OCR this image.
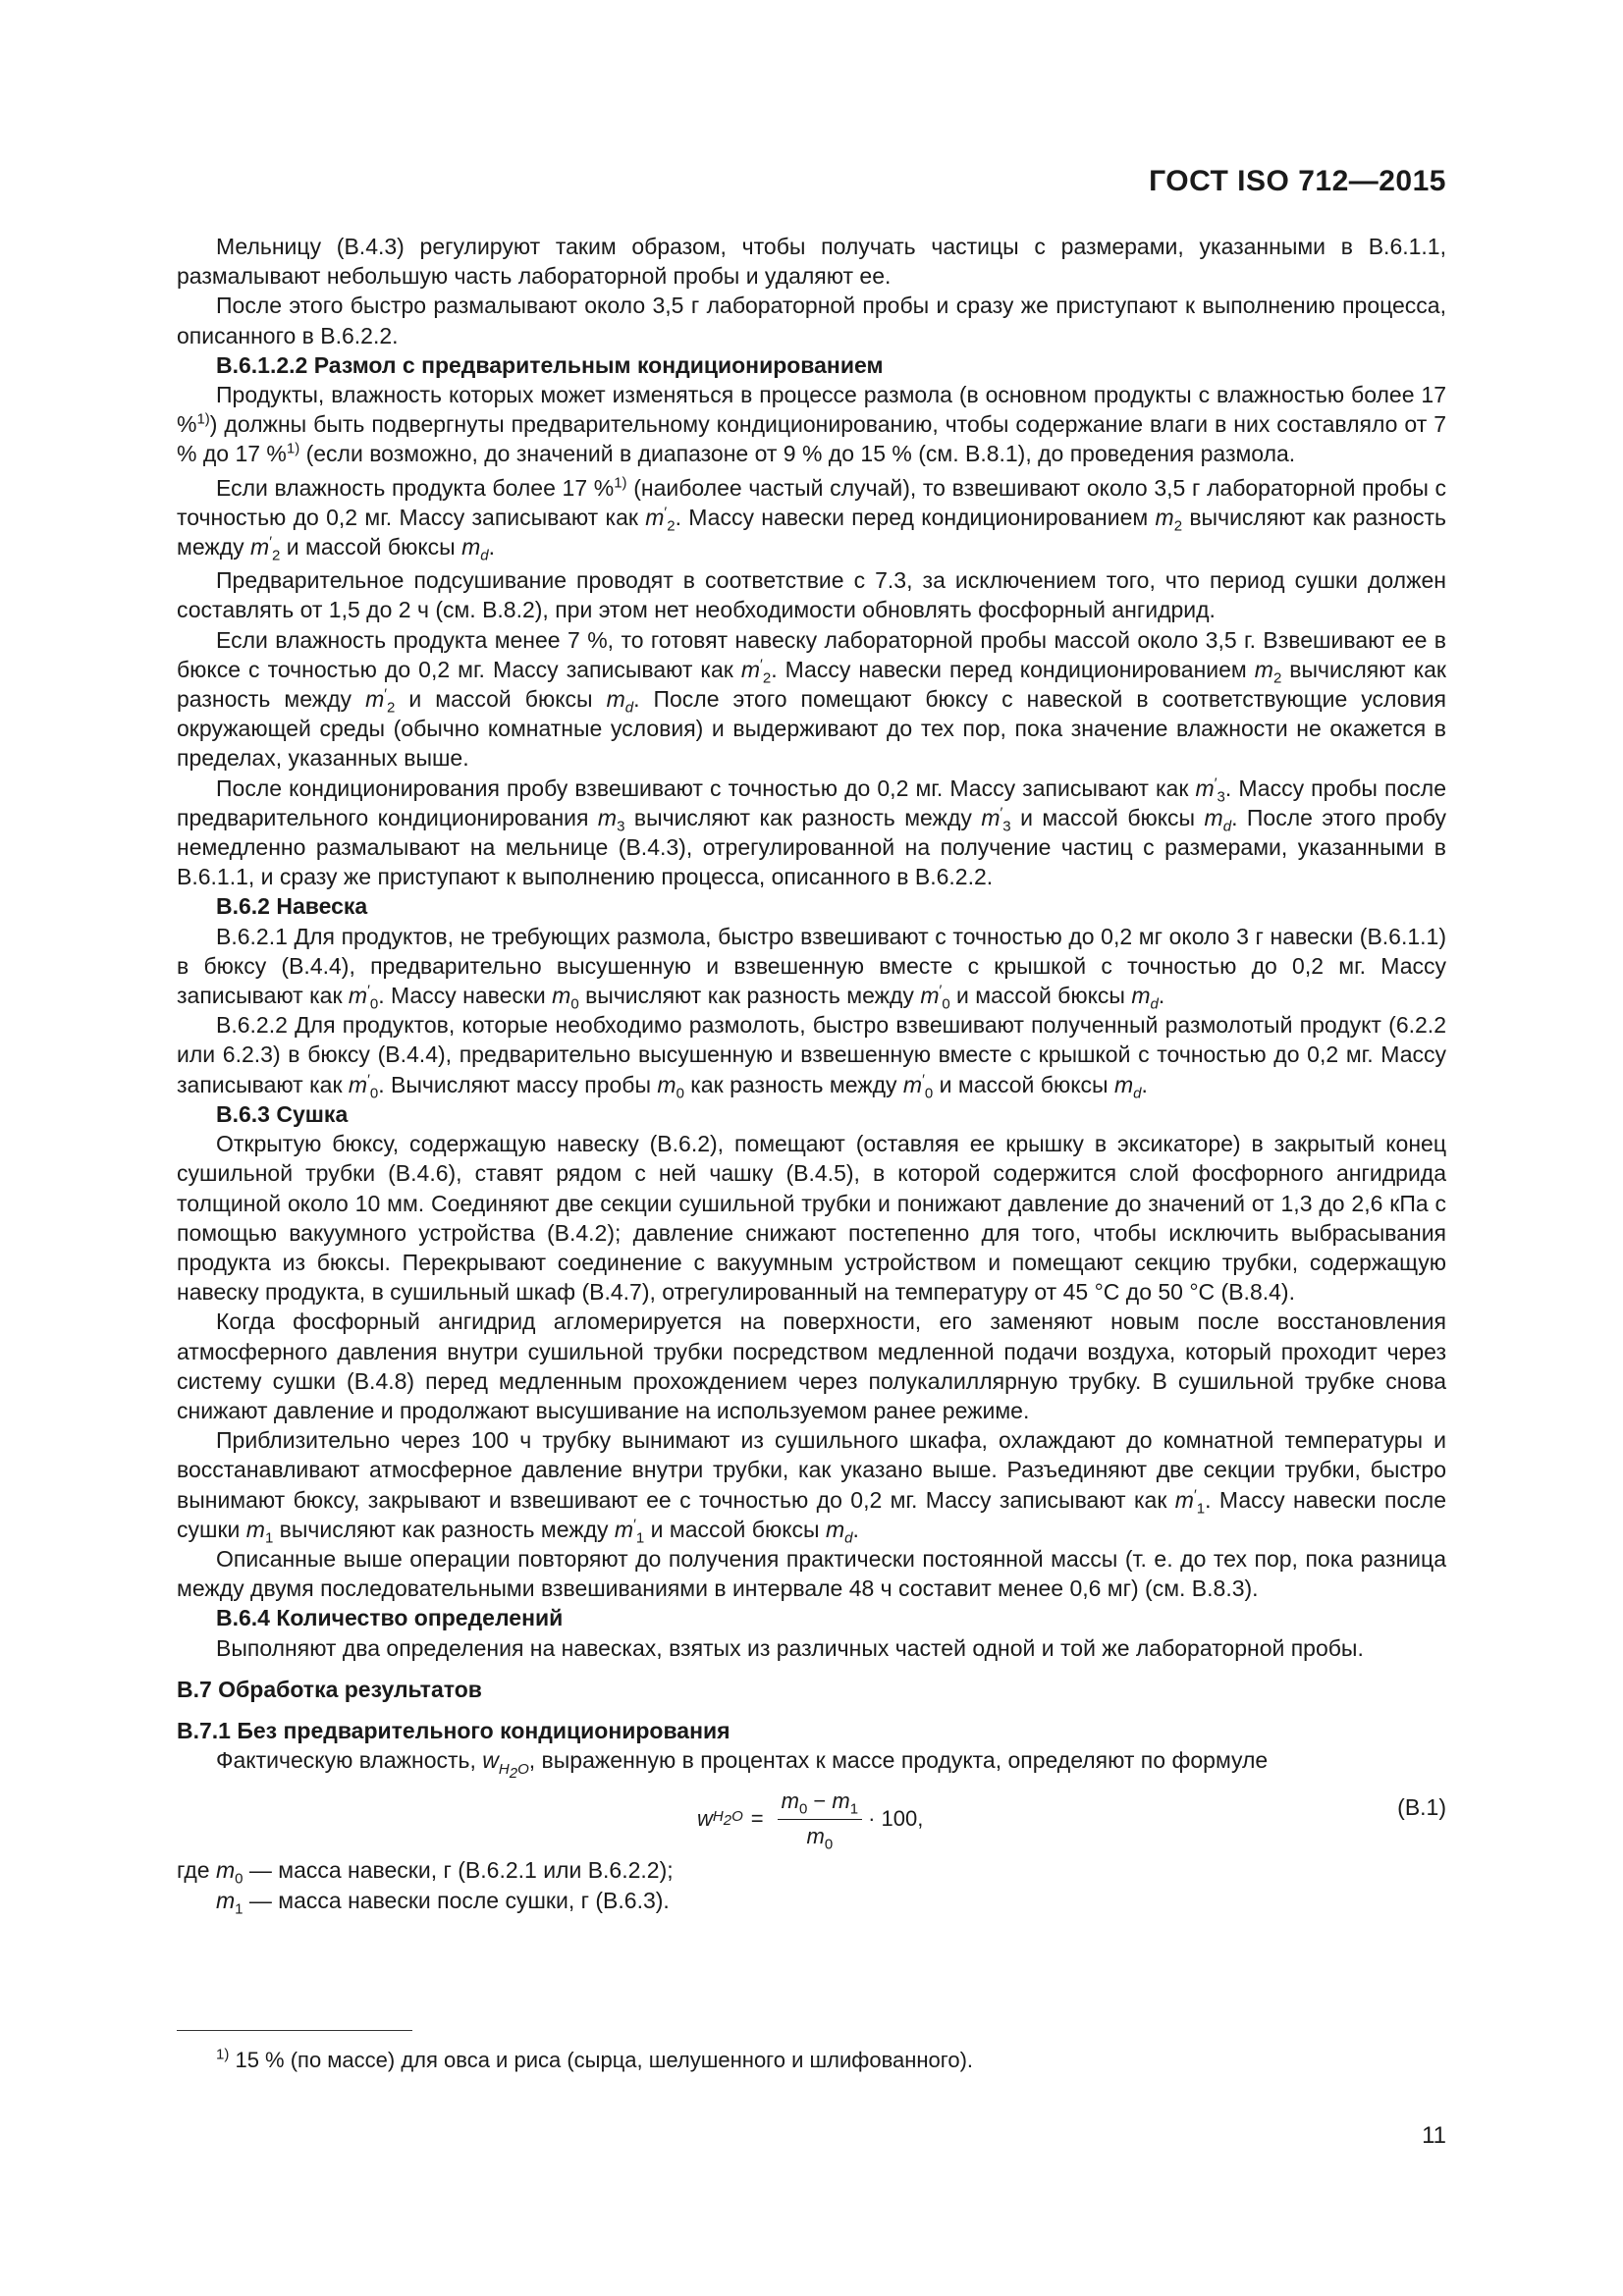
ГОСТ ISO 712—2015

Мельницу (В.4.3) регулируют таким образом, чтобы получать частицы с размерами, указанными в В.6.1.1, размалывают небольшую часть лабораторной пробы и удаляют ее.

После этого быстро размалывают около 3,5 г лабораторной пробы и сразу же приступают к выполнению процесса, описанного в В.6.2.2.

В.6.1.2.2 Размол с предварительным кондиционированием

Продукты, влажность которых может изменяться в процессе размола (в основном продукты с влажностью более 17 %$^{1)}$) должны быть подвергнуты предварительному кондиционированию, чтобы содержание влаги в них составляло от 7 % до 17 %$^{1)}$ (если возможно, до значений в диапазоне от 9 % до 15 % (см. В.8.1), до проведения размола.

Если влажность продукта более 17 %$^{1)}$ (наиболее частый случай), то взвешивают около 3,5 г лабораторной пробы с точностью до 0,2 мг. Массу записывают как $m'_2$. Массу навески перед кондиционированием $m_2$ вычисляют как разность между $m'_2$ и массой бюксы $m_d$.

Предварительное подсушивание проводят в соответствие с 7.3, за исключением того, что период сушки должен составлять от 1,5 до 2 ч (см. В.8.2), при этом нет необходимости обновлять фосфорный ангидрид.

Если влажность продукта менее 7 %, то готовят навеску лабораторной пробы массой около 3,5 г. Взвешивают ее в бюксе с точностью до 0,2 мг. Массу записывают как $m'_2$. Массу навески перед кондиционированием $m_2$ вычисляют как разность между $m'_2$ и массой бюксы $m_d$. После этого помещают бюксу с навеской в соответствующие условия окружающей среды (обычно комнатные условия) и выдерживают до тех пор, пока значение влажности не окажется в пределах, указанных выше.

После кондиционирования пробу взвешивают с точностью до 0,2 мг. Массу записывают как $m'_3$. Массу пробы после предварительного кондиционирования $m_3$ вычисляют как разность между $m'_3$ и массой бюксы $m_d$. После этого пробу немедленно размалывают на мельнице (В.4.3), отрегулированной на получение частиц с размерами, указанными в В.6.1.1, и сразу же приступают к выполнению процесса, описанного в В.6.2.2.

В.6.2 Навеска

В.6.2.1 Для продуктов, не требующих размола, быстро взвешивают с точностью до 0,2 мг около 3 г навески (В.6.1.1) в бюксу (В.4.4), предварительно высушенную и взвешенную вместе с крышкой с точностью до 0,2 мг. Массу записывают как $m'_0$. Массу навески $m_0$ вычисляют как разность между $m'_0$ и массой бюксы $m_d$.

В.6.2.2 Для продуктов, которые необходимо размолоть, быстро взвешивают полученный размолотый продукт (6.2.2 или 6.2.3) в бюксу (В.4.4), предварительно высушенную и взвешенную вместе с крышкой с точностью до 0,2 мг. Массу записывают как $m'_0$. Вычисляют массу пробы $m_0$ как разность между $m'_0$ и массой бюксы $m_d$.

В.6.3 Сушка

Открытую бюксу, содержащую навеску (В.6.2), помещают (оставляя ее крышку в эксикаторе) в закрытый конец сушильной трубки (В.4.6), ставят рядом с ней чашку (В.4.5), в которой содержится слой фосфорного ангидрида толщиной около 10 мм. Соединяют две секции сушильной трубки и понижают давление до значений от 1,3 до 2,6 кПа с помощью вакуумного устройства (В.4.2); давление снижают постепенно для того, чтобы исключить выбрасывания продукта из бюксы. Перекрывают соединение с вакуумным устройством и помещают секцию трубки, содержащую навеску продукта, в сушильный шкаф (В.4.7), отрегулированный на температуру от 45 °С до 50 °С (В.8.4).

Когда фосфорный ангидрид агломерируется на поверхности, его заменяют новым после восстановления атмосферного давления внутри сушильной трубки посредством медленной подачи воздуха, который проходит через систему сушки (В.4.8) перед медленным прохождением через полукалиллярную трубку. В сушильной трубке снова снижают давление и продолжают высушивание на используемом ранее режиме.

Приблизительно через 100 ч трубку вынимают из сушильного шкафа, охлаждают до комнатной температуры и восстанавливают атмосферное давление внутри трубки, как указано выше. Разъединяют две секции трубки, быстро вынимают бюксу, закрывают и взвешивают ее с точностью до 0,2 мг. Массу записывают как $m'_1$. Массу навески после сушки $m_1$ вычисляют как разность между $m'_1$ и массой бюксы $m_d$.

Описанные выше операции повторяют до получения практически постоянной массы (т. е. до тех пор, пока разница между двумя последовательными взвешиваниями в интервале 48 ч составит менее 0,6 мг) (см. В.8.3).

В.6.4 Количество определений

Выполняют два определения на навесках, взятых из различных частей одной и той же лабораторной пробы.

В.7 Обработка результатов
В.7.1 Без предварительного кондиционирования

Фактическую влажность, $w_{H_2O}$, выраженную в процентах к массе продукта, определяют по формуле

w $H_2O = \frac{m_0 - m_1}{m_0} \cdot 100$,	(В.1)

где $m_0$ — масса навески, г (В.6.2.1 или В.6.2.2);

$m_1$ — масса навески после сушки, г (В.6.3).

$^{1)}$ 15 % (по массе) для овса и риса (сырца, шелушенного и шлифованного).
11
